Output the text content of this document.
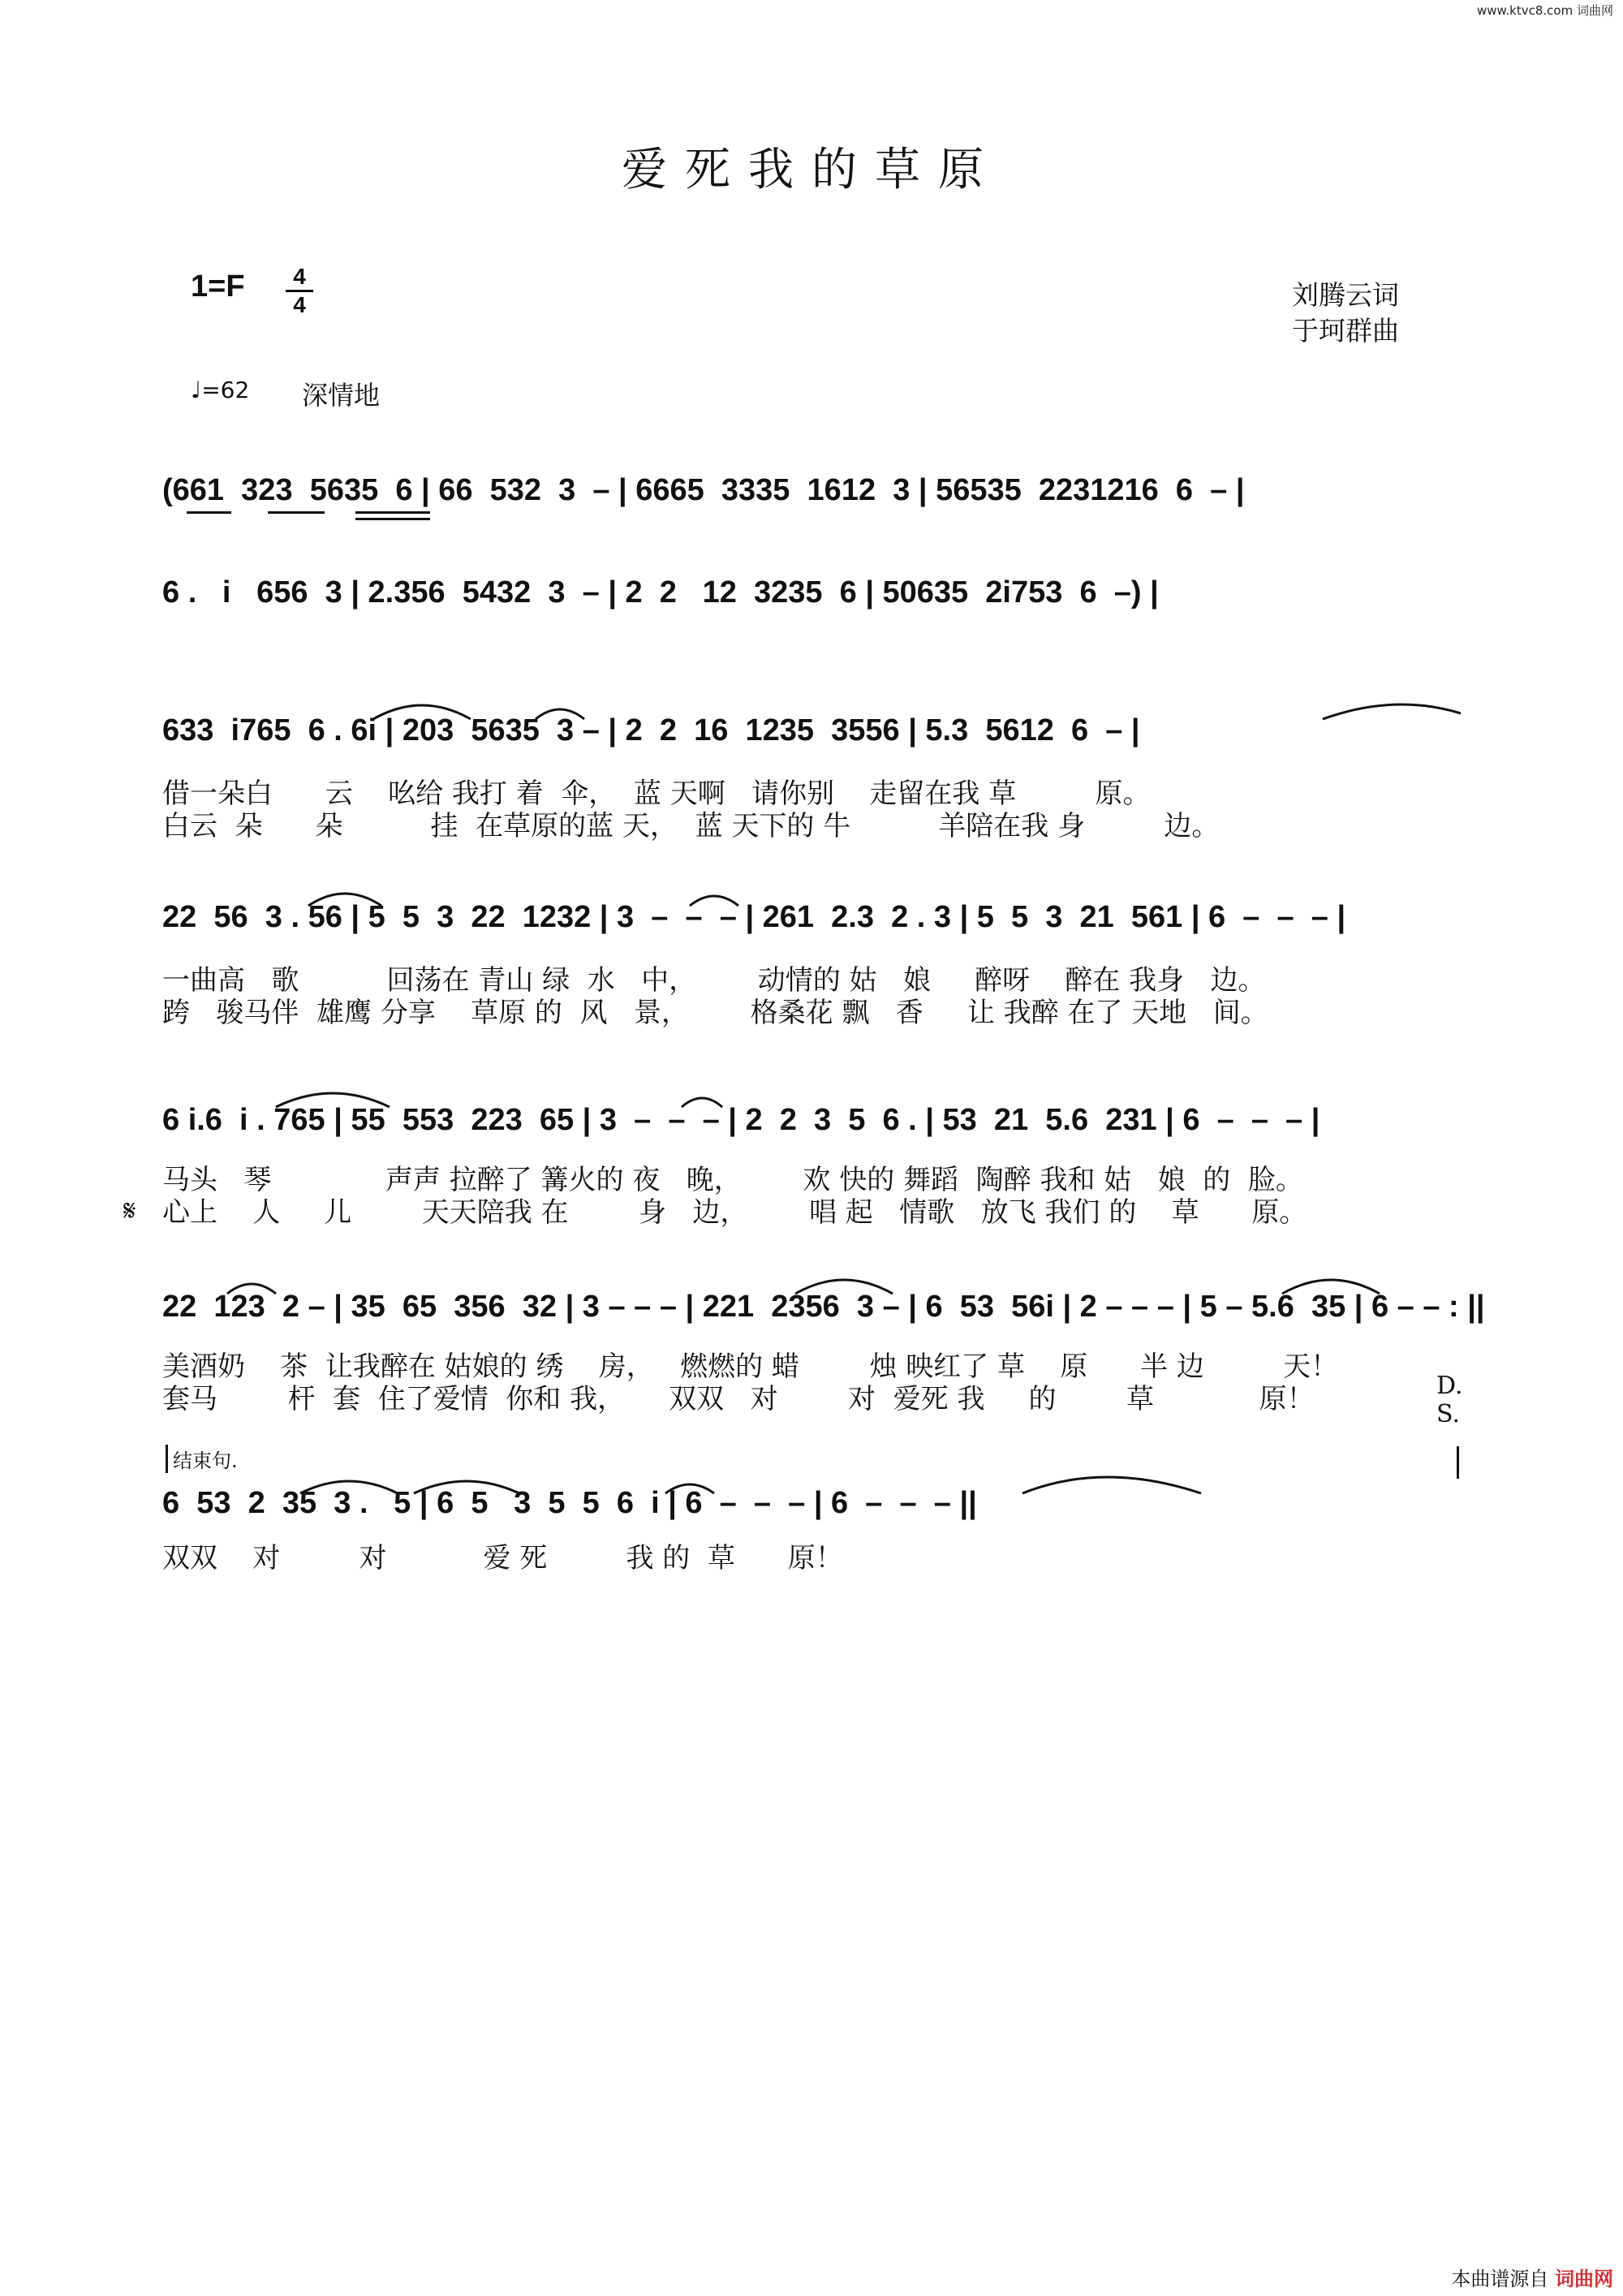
www.ktvc8.com 词曲网
爱死我的草原
1=F	4
4	刘腾云词
于珂群曲
♩=62 深情地
(661  323  5635  6 | 66  532  3  – | 6665  3335  1612  3 | 56535  2231216  6  – |
6 .   i   656  3 | 2.356  5432  3  – | 2  2   12  3235  6 | 50635  2i753  6  –) |
633  i765  6 . 6i | 203  5635  3 – | 2  2  16  1235  3556 | 5.3  5612  6  – |
借一朵白      云    吆给 我打 着  伞，  蓝 天啊   请你别    走留在我 草         原。
白云  朵      朵          挂  在草原的蓝 天，  蓝 天下的 牛          羊陪在我 身         边。
22  56  3 . 56 | 5  5  3  22  1232 | 3  –  –  – | 261  2.3  2 . 3 | 5  5  3  21  561 | 6  –  –  – |
一曲高   歌          回荡在 青山 绿  水   中，       动情的 姑   娘     醉呀    醉在 我身   边。
跨   骏马伴  雄鹰 分享    草原 的  风   景，       格桑花 飘   香     让 我醉 在了 天地   间。
6 i.6  i . 765 | 55  553  223  65 | 3  –  –  – | 2  2  3  5  6 . | 53  21  5.6  231 | 6  –  –  – |
马头   琴             声声 拉醉了 篝火的 夜   晚，       欢 快的 舞蹈  陶醉 我和 姑   娘  的  脸。
心上    人     儿        天天陪我 在        身   边，       唱 起   情歌   放飞 我们 的    草      原。
𝄋
22  123  2 – | 35  65  356  32 | 3 – – – | 221  2356  3 – | 6  53  56i | 2 – – – | 5 – 5.6  35 | 6 – – : ||
美酒奶    茶  让我醉在 姑娘的 绣    房，   燃燃的 蜡        烛 映红了 草    原      半 边         天！
套马        杆  套  住了爱情  你和 我，     双双   对        对  爱死 我     的        草            原！	D. S.
结束句.
6  53  2  35  3 .   5 | 6  5   3  5  5  6  i | 6  –  –  – | 6  –  –  – ||
双双    对         对           爱 死         我 的  草      原！
本曲谱源自 词曲网
